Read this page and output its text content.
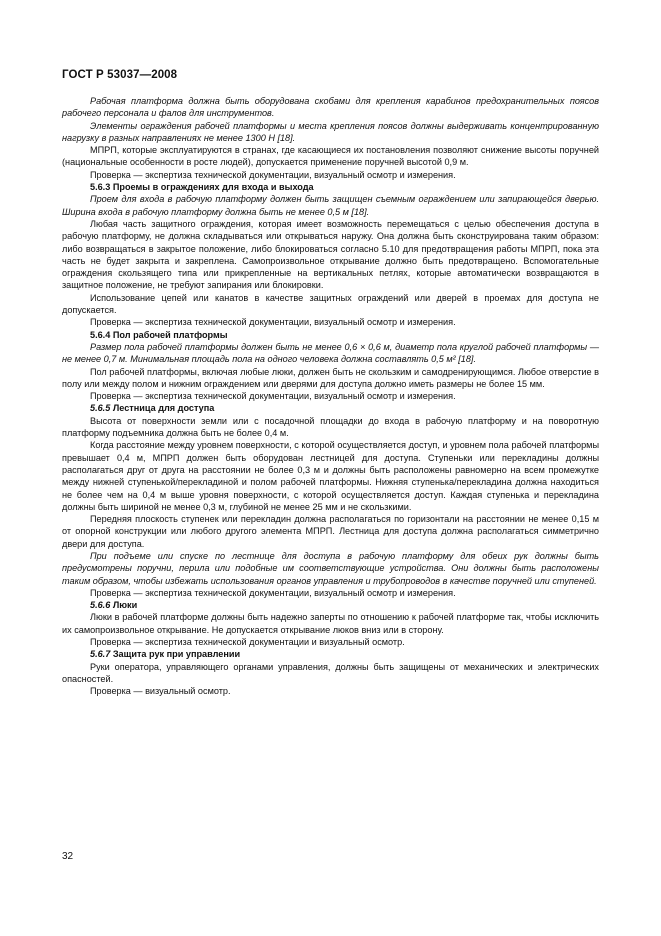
ГОСТ Р 53037—2008

Рабочая платформа должна быть оборудована скобами для крепления карабинов предохранительных поясов рабочего персонала и фалов для инструментов.

Элементы ограждения рабочей платформы и места крепления поясов должны выдерживать концентрированную нагрузку в разных направлениях не менее 1300 Н [18].

МПРП, которые эксплуатируются в странах, где касающиеся их постановления позволяют снижение высоты поручней (национальные особенности в росте людей), допускается применение поручней высотой 0,9 м.

Проверка — экспертиза технической документации, визуальный осмотр и измерения.

5.6.3 Проемы в ограждениях для входа и выхода

Проем для входа в рабочую платформу должен быть защищен съемным ограждением или запирающейся дверью. Ширина входа в рабочую платформу должна быть не менее 0,5 м [18].

Любая часть защитного ограждения, которая имеет возможность перемещаться с целью обеспечения доступа в рабочую платформу, не должна складываться или открываться наружу. Она должна быть сконструирована таким образом: либо возвращаться в закрытое положение, либо блокироваться согласно 5.10 для предотвращения работы МПРП, пока эта часть не будет закрыта и закреплена. Самопроизвольное открывание должно быть предотвращено. Вспомогательные ограждения скользящего типа или прикрепленные на вертикальных петлях, которые автоматически возвращаются в защитное положение, не требуют запирания или блокировки.

Использование цепей или канатов в качестве защитных ограждений или дверей в проемах для доступа не допускается.

Проверка — экспертиза технической документации, визуальный осмотр и измерения.

5.6.4 Пол рабочей платформы

Размер пола рабочей платформы должен быть не менее 0,6 × 0,6 м, диаметр пола круглой рабочей платформы — не менее 0,7 м. Минимальная площадь пола на одного человека должна составлять 0,5 м² [18].

Пол рабочей платформы, включая любые люки, должен быть не скользким и самодренирующимся. Любое отверстие в полу или между полом и нижним ограждением или дверями для доступа должно иметь размеры не более 15 мм.

Проверка — экспертиза технической документации, визуальный осмотр и измерения.

5.6.5 Лестница для доступа

Высота от поверхности земли или с посадочной площадки до входа в рабочую платформу и на поворотную платформу подъемника должна быть не более 0,4 м.

Когда расстояние между уровнем поверхности, с которой осуществляется доступ, и уровнем пола рабочей платформы превышает 0,4 м, МПРП должен быть оборудован лестницей для доступа. Ступеньки или перекладины должны располагаться друг от друга на расстоянии не более 0,3 м и должны быть расположены равномерно на всем промежутке между нижней ступенькой/перекладиной и полом рабочей платформы. Нижняя ступенька/перекладина должна находиться не более чем на 0,4 м выше уровня поверхности, с которой осуществляется доступ. Каждая ступенька и перекладина должны быть шириной не менее 0,3 м, глубиной не менее 25 мм и не скользкими.

Передняя плоскость ступенек или перекладин должна располагаться по горизонтали на расстоянии не менее 0,15 м от опорной конструкции или любого другого элемента МПРП. Лестница для доступа должна располагаться симметрично двери для доступа.

При подъеме или спуске по лестнице для доступа в рабочую платформу для обеих рук должны быть предусмотрены поручни, перила или подобные им соответствующие устройства. Они должны быть расположены таким образом, чтобы избежать использования органов управления и трубопроводов в качестве поручней или ступеней.

Проверка — экспертиза технической документации, визуальный осмотр и измерения.

5.6.6 Люки

Люки в рабочей платформе должны быть надежно заперты по отношению к рабочей платформе так, чтобы исключить их самопроизвольное открывание. Не допускается открывание люков вниз или в сторону.

Проверка — экспертиза технической документации и визуальный осмотр.

5.6.7 Защита рук при управлении

Руки оператора, управляющего органами управления, должны быть защищены от механических и электрических опасностей.

Проверка — визуальный осмотр.

32
